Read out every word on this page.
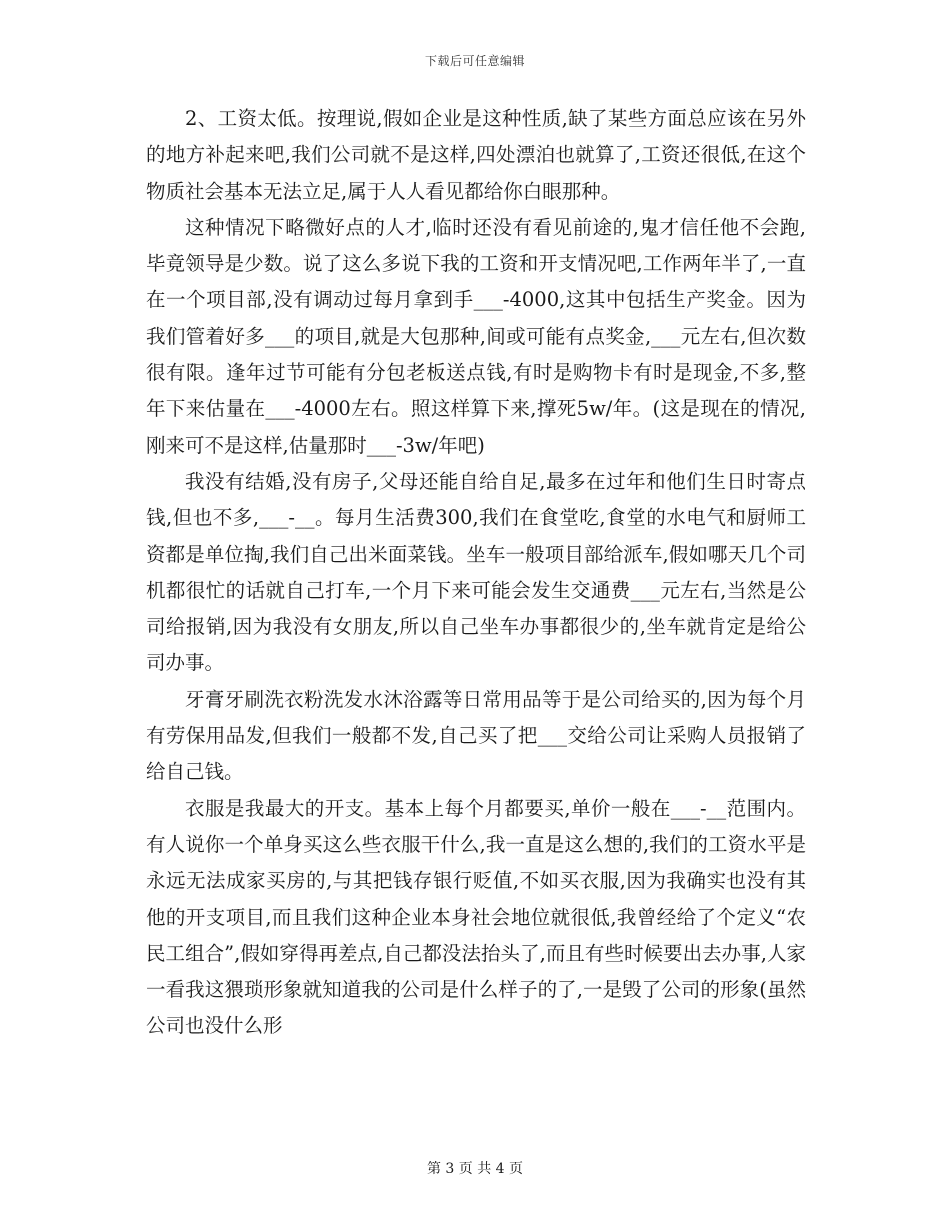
下载后可任意编辑

2、工资太低。按理说,假如企业是这种性质,缺了某些方面总应该在另外的地方补起来吧,我们公司就不是这样,四处漂泊也就算了,工资还很低,在这个物质社会基本无法立足,属于人人看见都给你白眼那种。

这种情况下略微好点的人才,临时还没有看见前途的,鬼才信任他不会跑,毕竟领导是少数。说了这么多说下我的工资和开支情况吧,工作两年半了,一直在一个项目部,没有调动过每月拿到手___-4000,这其中包括生产奖金。因为我们管着好多___的项目,就是大包那种,间或可能有点奖金,___元左右,但次数很有限。逢年过节可能有分包老板送点钱,有时是购物卡有时是现金,不多,整年下来估量在___-4000左右。照这样算下来,撑死5w/年。(这是现在的情况,刚来可不是这样,估量那时___-3w/年吧)

我没有结婚,没有房子,父母还能自给自足,最多在过年和他们生日时寄点钱,但也不多,___-__。每月生活费300,我们在食堂吃,食堂的水电气和厨师工资都是单位掏,我们自己出米面菜钱。坐车一般项目部给派车,假如哪天几个司机都很忙的话就自己打车,一个月下来可能会发生交通费___元左右,当然是公司给报销,因为我没有女朋友,所以自己坐车办事都很少的,坐车就肯定是给公司办事。

牙膏牙刷洗衣粉洗发水沐浴露等日常用品等于是公司给买的,因为每个月有劳保用品发,但我们一般都不发,自己买了把___交给公司让采购人员报销了给自己钱。

衣服是我最大的开支。基本上每个月都要买,单价一般在___-__范围内。有人说你一个单身买这么些衣服干什么,我一直是这么想的,我们的工资水平是永远无法成家买房的,与其把钱存银行贬值,不如买衣服,因为我确实也没有其他的开支项目,而且我们这种企业本身社会地位就很低,我曾经给了个定义“农民工组合”,假如穿得再差点,自己都没法抬头了,而且有些时候要出去办事,人家一看我这猥琐形象就知道我的公司是什么样子的了,一是毁了公司的形象(虽然公司也没什么形

第 3 页 共 4 页
